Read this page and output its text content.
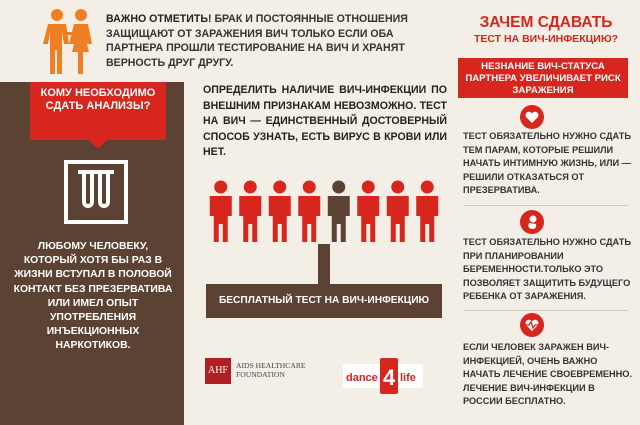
ВАЖНО ОТМЕТИТЬ! БРАК И ПОСТОЯННЫЕ ОТНОШЕНИЯ ЗАЩИЩАЮТ ОТ ЗАРАЖЕНИЯ ВИЧ ТОЛЬКО ЕСЛИ ОБА ПАРТНЕРА ПРОШЛИ ТЕСТИРОВАНИЕ НА ВИЧ И ХРАНЯТ ВЕРНОСТЬ ДРУГ ДРУГУ.
КОМУ НЕОБХОДИМО СДАТЬ АНАЛИЗЫ?
ЛЮБОМУ ЧЕЛОВЕКУ, КОТОРЫЙ ХОТЯ БЫ РАЗ В ЖИЗНИ ВСТУПАЛ В ПОЛОВОЙ КОНТАКТ БЕЗ ПРЕЗЕРВАТИВА ИЛИ ИМЕЛ ОПЫТ УПОТРЕБЛЕНИЯ ИНЪЕКЦИОННЫХ НАРКОТИКОВ.
ОПРЕДЕЛИТЬ НАЛИЧИЕ ВИЧ-ИНФЕКЦИИ ПО ВНЕШНИМ ПРИЗНАКАМ НЕВОЗМОЖНО. ТЕСТ НА ВИЧ — ЕДИНСТВЕННЫЙ ДОСТОВЕРНЫЙ СПОСОБ УЗНАТЬ, ЕСТЬ ВИРУС В КРОВИ ИЛИ НЕТ.
БЕСПЛАТНЫЙ ТЕСТ НА ВИЧ-ИНФЕКЦИЮ
AHF	AIDS HEALTHCARE FOUNDATION	dance 4 life
ЗАЧЕМ СДАВАТЬ
ТЕСТ НА ВИЧ-ИНФЕКЦИЮ?
НЕЗНАНИЕ ВИЧ-СТАТУСА ПАРТНЕРА УВЕЛИЧИВАЕТ РИСК ЗАРАЖЕНИЯ
ТЕСТ ОБЯЗАТЕЛЬНО НУЖНО СДАТЬ ТЕМ ПАРАМ, КОТОРЫЕ РЕШИЛИ НАЧАТЬ ИНТИМНУЮ ЖИЗНЬ, ИЛИ — РЕШИЛИ ОТКАЗАТЬСЯ ОТ ПРЕЗЕРВАТИВА.
ТЕСТ ОБЯЗАТЕЛЬНО НУЖНО СДАТЬ ПРИ ПЛАНИРОВАНИИ БЕРЕМЕННОСТИ.ТОЛЬКО ЭТО ПОЗВОЛЯЕТ ЗАЩИТИТЬ БУДУЩЕГО РЕБЕНКА ОТ ЗАРАЖЕНИЯ.
ЕСЛИ ЧЕЛОВЕК ЗАРАЖЕН ВИЧ-ИНФЕКЦИЕЙ, ОЧЕНЬ ВАЖНО НАЧАТЬ ЛЕЧЕНИЕ СВОЕВРЕМЕННО. ЛЕЧЕНИЕ ВИЧ-ИНФЕКЦИИ В РОССИИ БЕСПЛАТНО.
